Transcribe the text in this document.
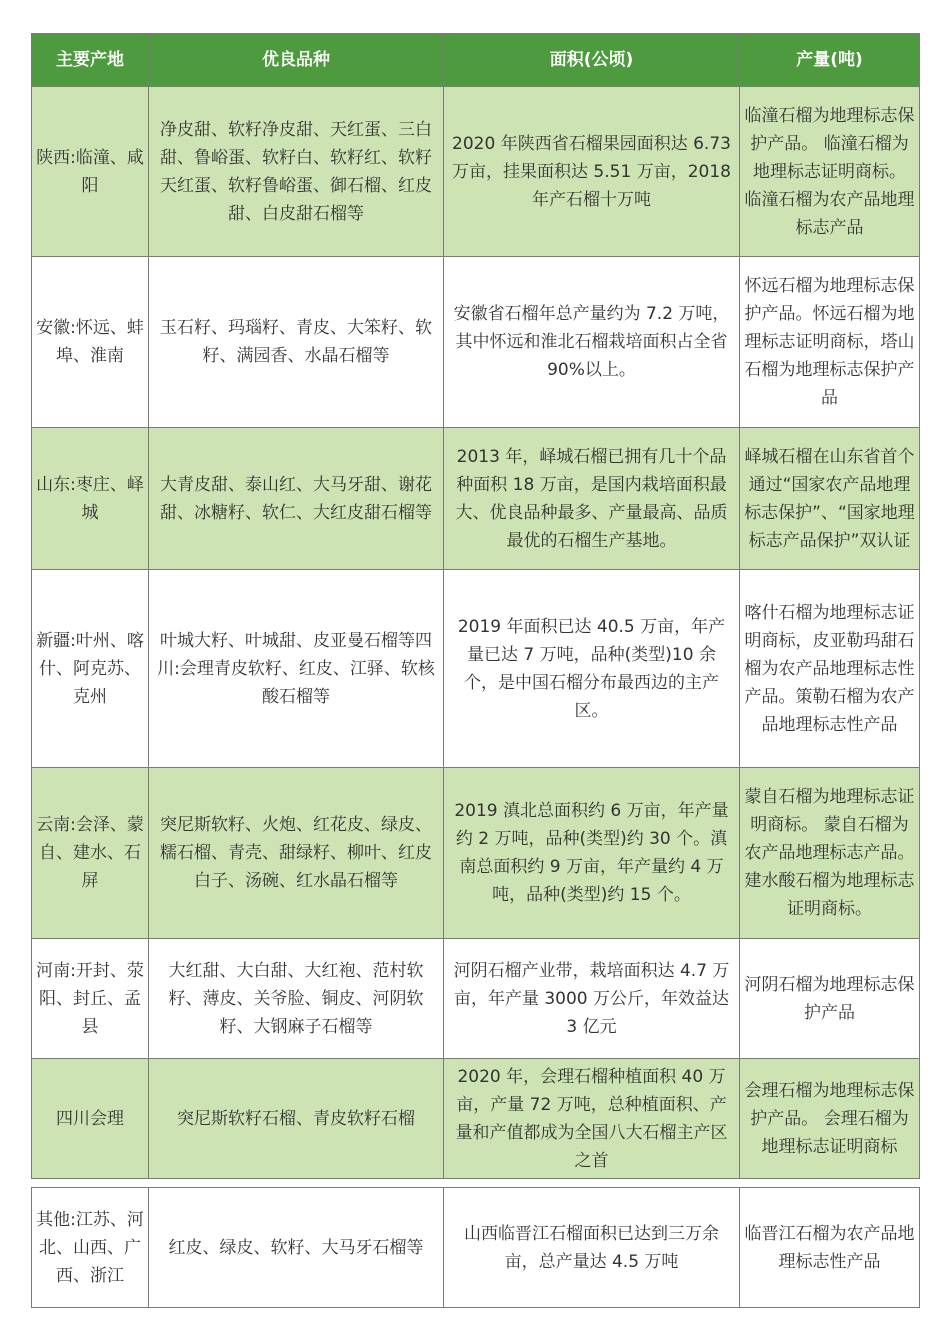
主要产地	优良品种	面积(公顷)	产量(吨)
陕西:临潼、咸阳	净皮甜、软籽净皮甜、天红蛋、三白甜、鲁峪蛋、软籽白、软籽红、软籽天红蛋、软籽鲁峪蛋、御石榴、红皮甜、白皮甜石榴等	2020 年陕西省石榴果园面积达 6.73 万亩，挂果面积达 5.51 万亩，2018 年产石榴十万吨	临潼石榴为地理标志保护产品。 临潼石榴为地理标志证明商标。 临潼石榴为农产品地理标志产品
安徽:怀远、蚌埠、淮南	玉石籽、玛瑙籽、青皮、大笨籽、软籽、满园香、水晶石榴等	安徽省石榴年总产量约为 7.2 万吨，其中怀远和淮北石榴栽培面积占全省 90%以上。	怀远石榴为地理标志保护产品。怀远石榴为地理标志证明商标，塔山石榴为地理标志保护产品
山东:枣庄、峄城	大青皮甜、泰山红、大马牙甜、谢花甜、冰糖籽、软仁、大红皮甜石榴等	2013 年，峄城石榴已拥有几十个品种面积 18 万亩，是国内栽培面积最大、优良品种最多、产量最高、品质最优的石榴生产基地。	峄城石榴在山东省首个通过“国家农产品地理标志保护”、“国家地理标志产品保护”双认证
新疆:叶州、喀什、阿克苏、克州	叶城大籽、叶城甜、皮亚曼石榴等四川:会理青皮软籽、红皮、江驿、软核酸石榴等	2019 年面积已达 40.5 万亩，年产量已达 7 万吨，品种(类型)10 余个，是中国石榴分布最西边的主产区。	喀什石榴为地理标志证明商标，皮亚勒玛甜石榴为农产品地理标志性产品。策勒石榴为农产品地理标志性产品
云南:会泽、蒙自、建水、石屏	突尼斯软籽、火炮、红花皮、绿皮、糯石榴、青壳、甜绿籽、柳叶、红皮白子、汤碗、红水晶石榴等	2019 滇北总面积约 6 万亩，年产量约 2 万吨，品种(类型)约 30 个。滇南总面积约 9 万亩，年产量约 4 万吨，品种(类型)约 15 个。	蒙自石榴为地理标志证明商标。 蒙自石榴为农产品地理标志产品。建水酸石榴为地理标志证明商标。
河南:开封、荥阳、封丘、孟县	大红甜、大白甜、大红袍、范村软籽、薄皮、关爷脸、铜皮、河阴软籽、大钢麻子石榴等	河阴石榴产业带，栽培面积达 4.7 万亩，年产量 3000 万公斤，年效益达 3 亿元	河阴石榴为地理标志保护产品
四川会理	突尼斯软籽石榴、青皮软籽石榴	2020 年，会理石榴种植面积 40 万亩，产量 72 万吨，总种植面积、产量和产值都成为全国八大石榴主产区之首	会理石榴为地理标志保护产品。 会理石榴为地理标志证明商标
其他:江苏、河北、山西、广西、浙江	红皮、绿皮、软籽、大马牙石榴等	山西临晋江石榴面积已达到三万余亩，总产量达 4.5 万吨	临晋江石榴为农产品地理标志性产品
